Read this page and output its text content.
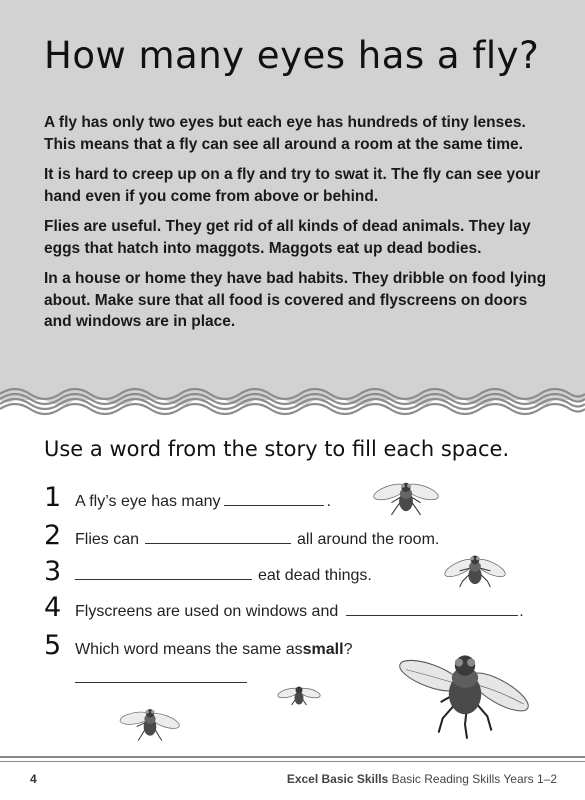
How many eyes has a fly?

A fly has only two eyes but each eye has hundreds of tiny lenses. This means that a fly can see all around a room at the same time.

It is hard to creep up on a fly and try to swat it. The fly can see your hand even if you come from above or behind.

Flies are useful. They get rid of all kinds of dead animals. They lay eggs that hatch into maggots. Maggots eat up dead bodies.

In a house or home they have bad habits. They dribble on food lying about. Make sure that all food is covered and flyscreens on doors and windows are in place.

Use a word from the story to fill each space.
1 A fly’s eye has many	.
2 Flies can	all around the room.
3	eat dead things.
4 Flyscreens are used on windows and	.
5 Which word means the same as small ?
4	Excel Basic Skills Basic Reading Skills Years 1–2
